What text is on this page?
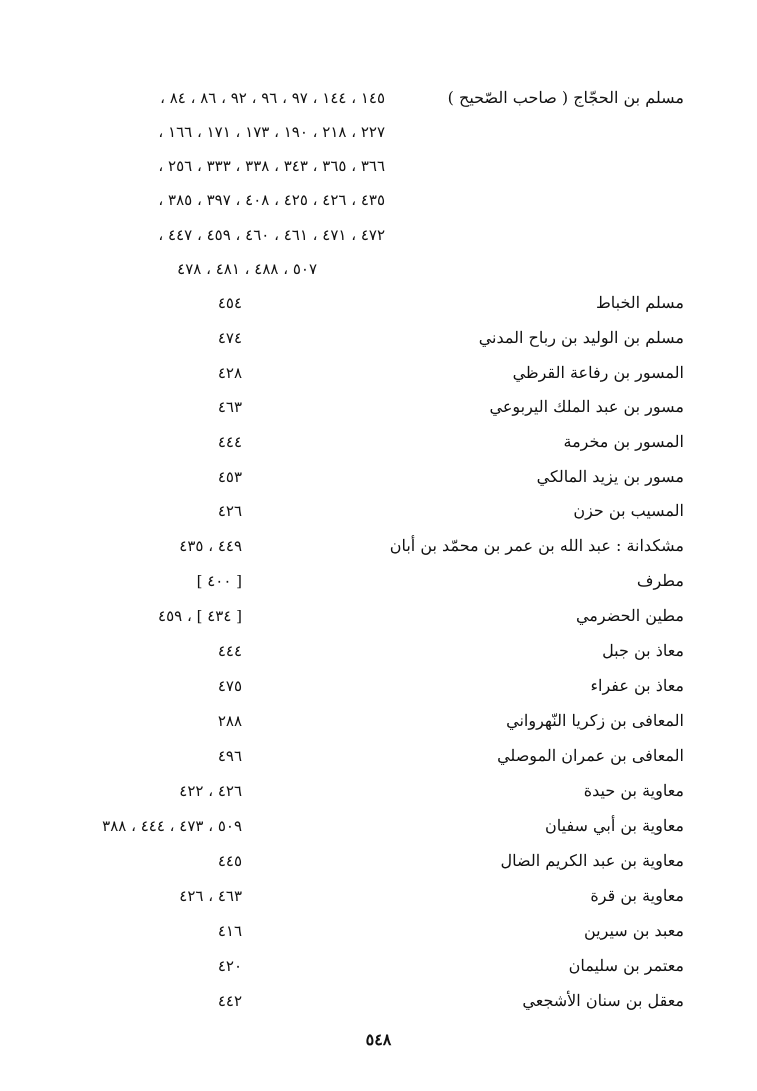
مسلم بن الحجّاج ( صاحب الصّحيح )
١٤٥ ، ١٤٤ ، ٩٧ ، ٩٦ ، ٩٢ ، ٨٦ ، ٨٤ ،
٢٢٧ ، ٢١٨ ، ١٩٠ ، ١٧٣ ، ١٧١ ، ١٦٦ ،
٣٦٦ ، ٣٦٥ ، ٣٤٣ ، ٣٣٨ ، ٣٣٣ ، ٢٥٦ ،
٤٣٥ ، ٤٢٦ ، ٤٢٥ ، ٤٠٨ ، ٣٩٧ ، ٣٨٥ ،
٤٧٢ ، ٤٧١ ، ٤٦١ ، ٤٦٠ ، ٤٥٩ ، ٤٤٧ ،
٥٠٧ ، ٤٨٨ ، ٤٨١ ، ٤٧٨
مسلم الخباط
٤٥٤
مسلم بن الوليد بن رباح المدني
٤٧٤
المسور بن رفاعة القرظي
٤٢٨
مسور بن عبد الملك اليربوعي
٤٦٣
المسور بن مخرمة
٤٤٤
مسور بن يزيد المالكي
٤٥٣
المسيب بن حزن
٤٢٦
مشكدانة : عبد الله بن عمر بن محمّد بن أبان
٤٤٩ ، ٤٣٥
مطرف
[ ٤٠٠ ]
مطين الحضرمي
[ ٤٣٤ ] ، ٤٥٩
معاذ بن جبل
٤٤٤
معاذ بن عفراء
٤٧٥
المعافى بن زكريا النّهرواني
٢٨٨
المعافى بن عمران الموصلي
٤٩٦
معاوية بن حيدة
٤٢٦ ، ٤٢٢
معاوية بن أبي سفيان
٥٠٩ ، ٤٧٣ ، ٤٤٤ ، ٣٨٨
معاوية بن عبد الكريم الضال
٤٤٥
معاوية بن قرة
٤٦٣ ، ٤٢٦
معبد بن سيرين
٤١٦
معتمر بن سليمان
٤٢٠
معقل بن سنان الأشجعي
٤٤٢
٥٤٨
